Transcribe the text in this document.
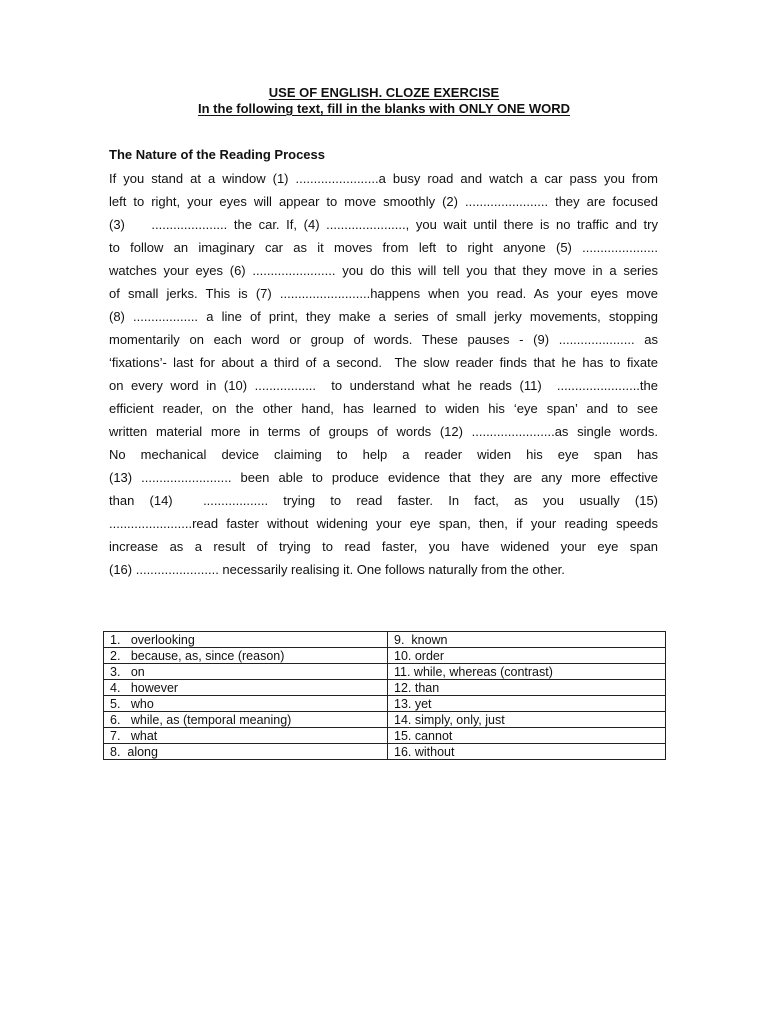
USE OF ENGLISH. CLOZE EXERCISE
In the following text, fill in the blanks with ONLY ONE WORD
The Nature of the Reading Process
If you stand at a window (1) .......................a busy road and watch a car pass you from
left to right, your eyes will appear to move smoothly (2) ....................... they are focused
(3)    ..................... the car. If, (4) ......................, you wait until there is no traffic and try
to follow an imaginary car as it moves from left to right anyone (5) .....................
watches your eyes (6) ....................... you do this will tell you that they move in a series
of small jerks. This is (7) .........................happens when you read. As your eyes move
(8) .................. a line of print, they make a series of small jerky movements, stopping
momentarily on each word or group of words. These pauses - (9) ..................... as
‘fixations’- last for about a third of a second.  The slow reader finds that he has to fixate
on every word in (10) .................  to understand what he reads (11)  .......................the
efficient reader, on the other hand, has learned to widen his ‘eye span’ and to see
written material more in terms of groups of words (12) .......................as single words.
No mechanical device claiming to help a reader widen his eye span has
(13) ......................... been able to produce evidence that they are any more effective
than (14)  .................. trying to read faster. In fact, as you usually (15)
.......................read faster without widening your eye span, then, if your reading speeds
increase as a result of trying to read faster, you have widened your eye span
(16) ....................... necessarily realising it. One follows naturally from the other.
1.   overlooking	9.  known
2.   because, as, since (reason)	10. order
3.   on	11. while, whereas (contrast)
4.   however	12. than
5.   who	13. yet
6.   while, as (temporal meaning)	14. simply, only, just
7.   what	15. cannot
8.  along	16. without
